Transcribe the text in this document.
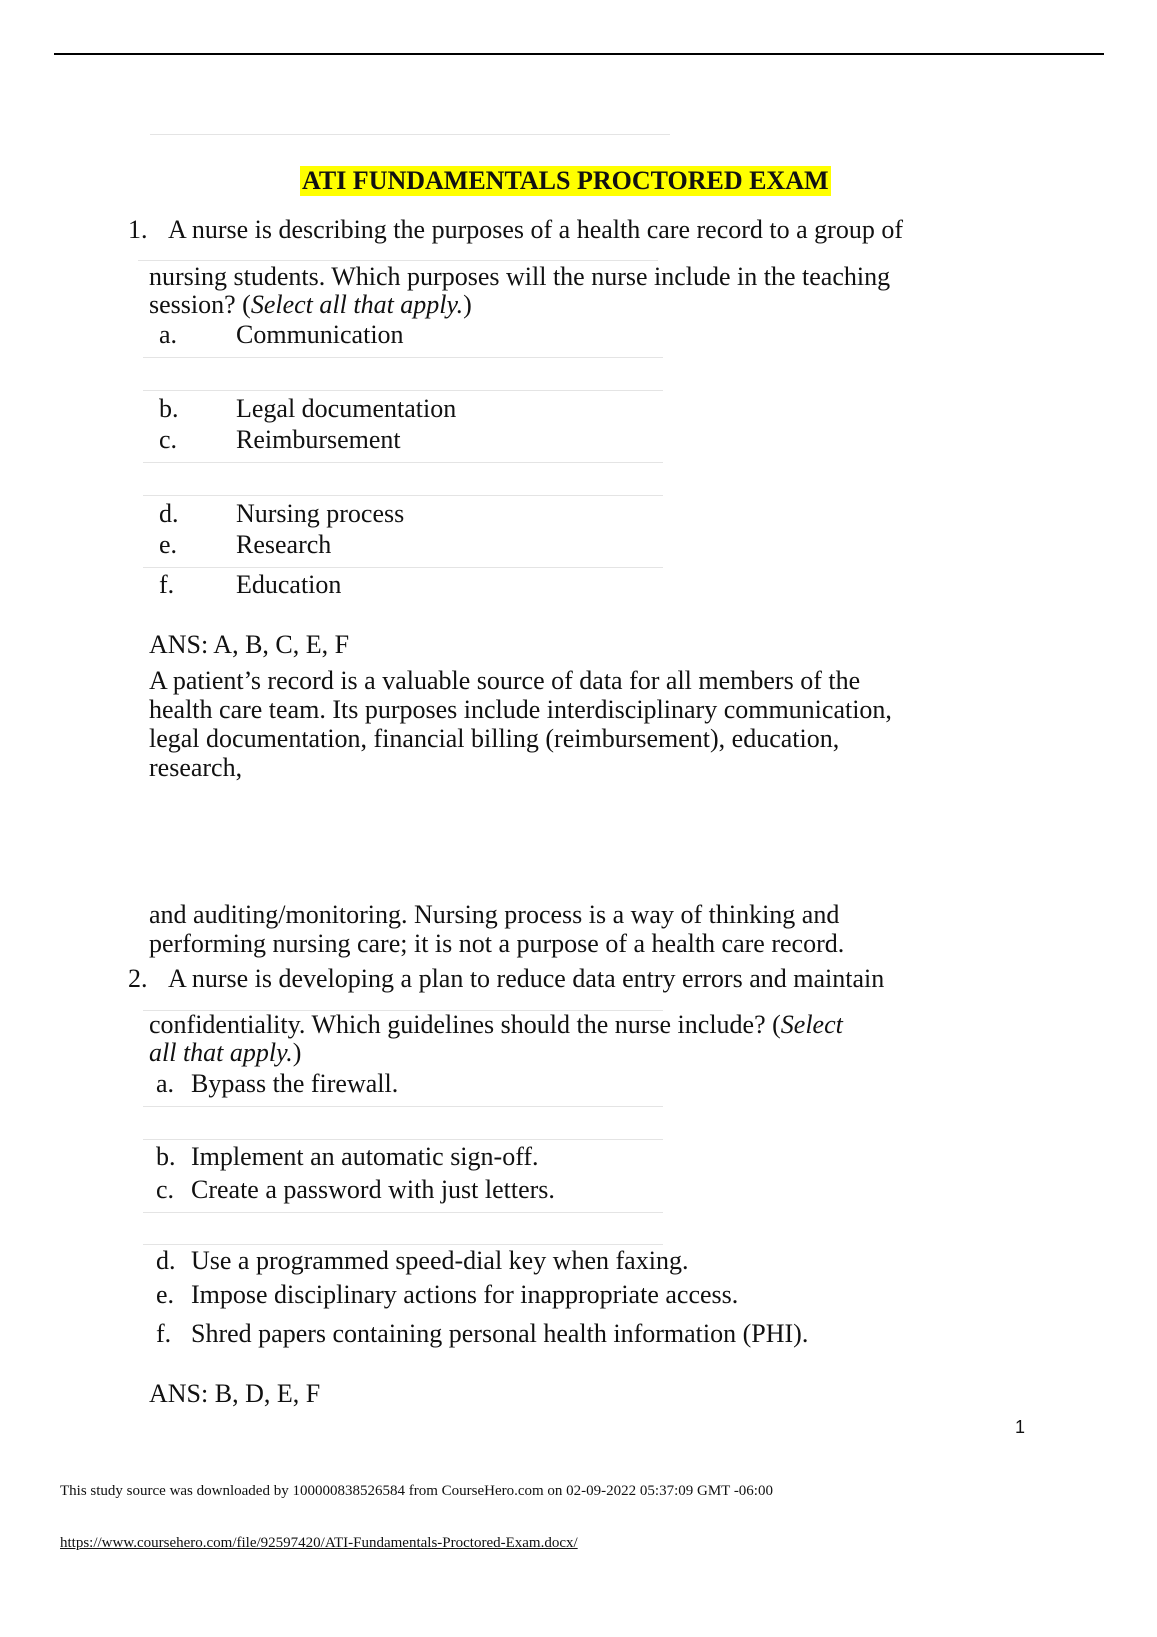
ATI FUNDAMENTALS PROCTORED EXAM
1. A nurse is describing the purposes of a health care record to a group of
nursing students. Which purposes will the nurse include in the teaching
session? (Select all that apply.)
a. Communication
b. Legal documentation
c. Reimbursement
d. Nursing process
e. Research
f. Education
ANS: A, B, C, E, F
A patient’s record is a valuable source of data for all members of the health care team. Its purposes include interdisciplinary communication, legal documentation, financial billing (reimbursement), education, research,
and auditing/monitoring. Nursing process is a way of thinking and performing nursing care; it is not a purpose of a health care record.
2. A nurse is developing a plan to reduce data entry errors and maintain
confidentiality. Which guidelines should the nurse include? (Select
all that apply.)
a. Bypass the firewall.
b. Implement an automatic sign-off.
c. Create a password with just letters.
d. Use a programmed speed-dial key when faxing.
e. Impose disciplinary actions for inappropriate access.
f. Shred papers containing personal health information (PHI).
1
ANS: B, D, E, F
This study source was downloaded by 100000838526584 from CourseHero.com on 02-09-2022 05:37:09 GMT -06:00
https://www.coursehero.com/file/92597420/ATI-Fundamentals-Proctored-Exam.docx/
